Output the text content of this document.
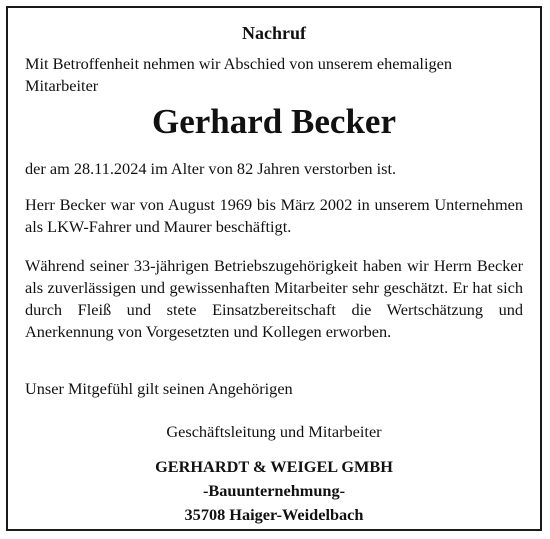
Nachruf
Mit Betroffenheit nehmen wir Abschied von unserem ehemaligen Mitarbeiter
Gerhard Becker
der am 28.11.2024 im Alter von 82 Jahren verstorben ist.
Herr Becker war von August 1969 bis März 2002 in unserem Unternehmen als LKW-Fahrer und Maurer beschäftigt.
Während seiner 33-jährigen Betriebszugehörigkeit haben wir Herrn Becker als zuverlässigen und gewissenhaften Mitarbeiter sehr geschätzt. Er hat sich durch Fleiß und stete Einsatzbereitschaft die Wertschätzung und Anerkennung von Vorgesetzten und Kollegen erworben.
Unser Mitgefühl gilt seinen Angehörigen
Geschäftsleitung und Mitarbeiter
GERHARDT & WEIGEL GMBH
-Bauunternehmung-
35708 Haiger-Weidelbach
